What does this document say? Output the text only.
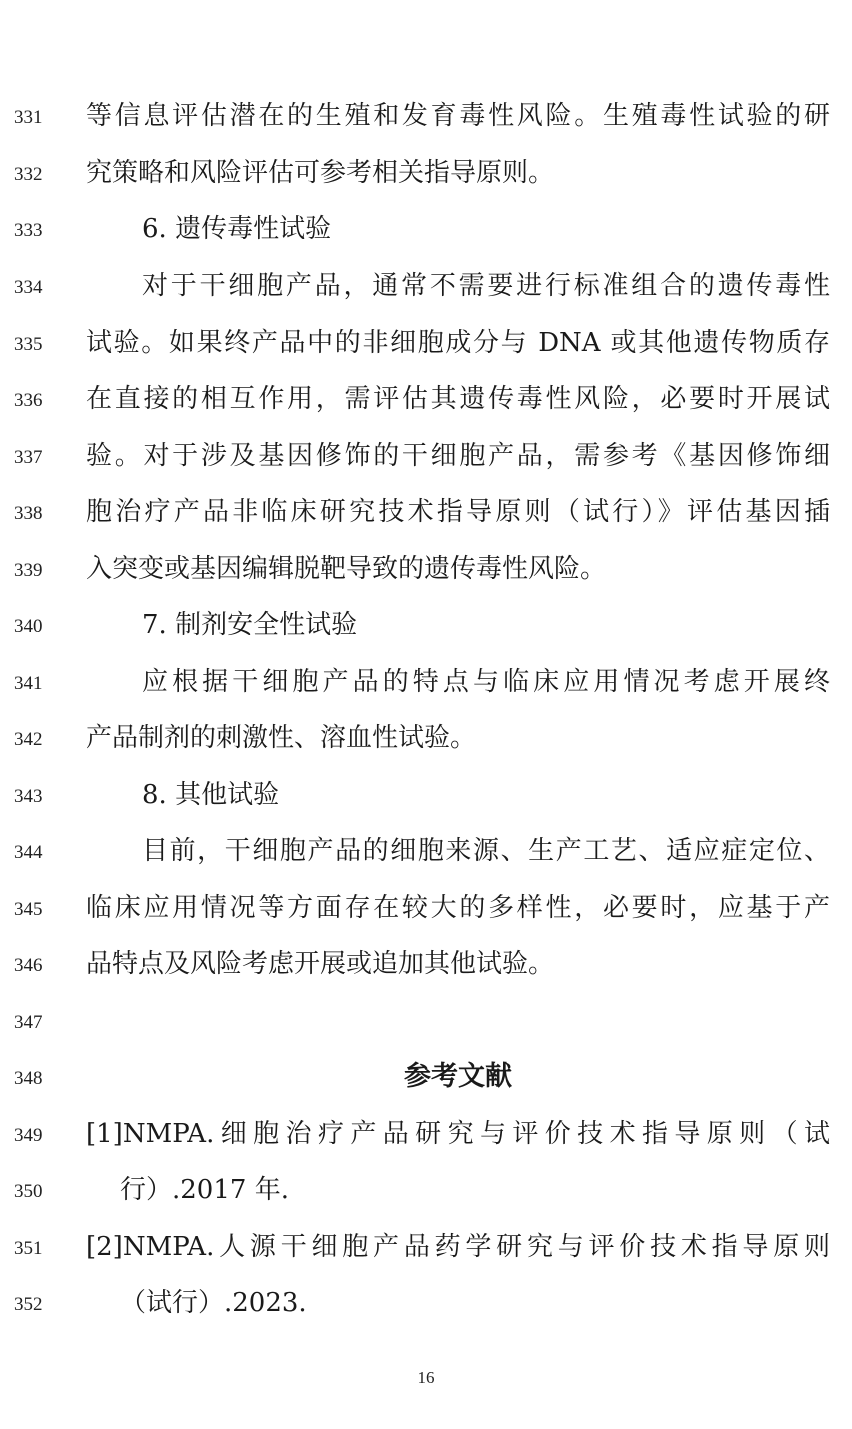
331	等信息评估潜在的生殖和发育毒性风险。生殖毒性试验的研
332	究策略和风险评估可参考相关指导原则。
333	6. 遗传毒性试验
334	对于干细胞产品，通常不需要进行标准组合的遗传毒性
335	试验。如果终产品中的非细胞成分与 DNA 或其他遗传物质存
336	在直接的相互作用，需评估其遗传毒性风险，必要时开展试
337	验。对于涉及基因修饰的干细胞产品，需参考《基因修饰细
338	胞治疗产品非临床研究技术指导原则（试行）》评估基因插
339	入突变或基因编辑脱靶导致的遗传毒性风险。
340	7. 制剂安全性试验
341	应根据干细胞产品的特点与临床应用情况考虑开展终
342	产品制剂的刺激性、溶血性试验。
343	8. 其他试验
344	目前，干细胞产品的细胞来源、生产工艺、适应症定位、
345	临床应用情况等方面存在较大的多样性，必要时，应基于产
346	品特点及风险考虑开展或追加其他试验。
347
348	参考文献
349	[1]NMPA.细胞治疗产品研究与评价技术指导原则（试
350	行）.2017 年.
351	[2]NMPA.人源干细胞产品药学研究与评价技术指导原则
352	（试行）.2023.
16
